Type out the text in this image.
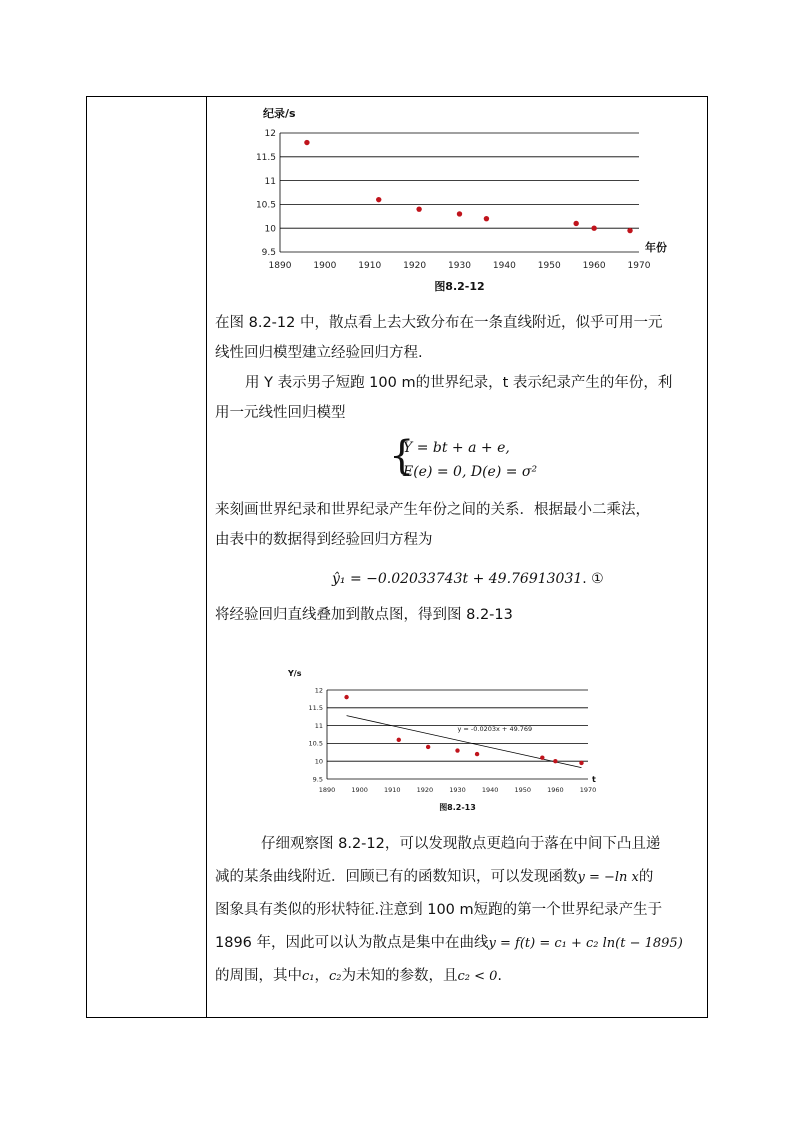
纪录/s
9.5
10
10.5
11
11.5
12
1890 1900 1910 1920 1930 1940 1950 1960 1970
年份
图8.2-12

在图 8.2-12 中，散点看上去大致分布在一条直线附近，似乎可用一元
线性回归模型建立经验回归方程.

用 Y 表示男子短跑 100 m的世界纪录，t 表示纪录产生的年份，利
用一元线性回归模型

{
Y = bt + a + e,
E(e) = 0, D(e) = σ²

来刻画世界纪录和世界纪录产生年份之间的关系．根据最小二乘法，
由表中的数据得到经验回归方程为

ŷ₁ = −0.02033743t + 49.76913031. ①

将经验回归直线叠加到散点图，得到图 8.2-13

Y/s
9.5
10
10.5
11
11.5
12
1890 1900 1910 1920 1930 1940 1950 1960 1970
t
y = -0.0203x + 49.769
图8.2-13

仔细观察图 8.2-12，可以发现散点更趋向于落在中间下凸且递
减的某条曲线附近．回顾已有的函数知识，可以发现函数y = −ln x的
图象具有类似的形状特征.注意到 100 m短跑的第一个世界纪录产生于
1896 年，因此可以认为散点是集中在曲线y = f(t) = c₁ + c₂ ln(t − 1895)
的周围，其中c₁，c₂为未知的参数，且c₂ < 0.
